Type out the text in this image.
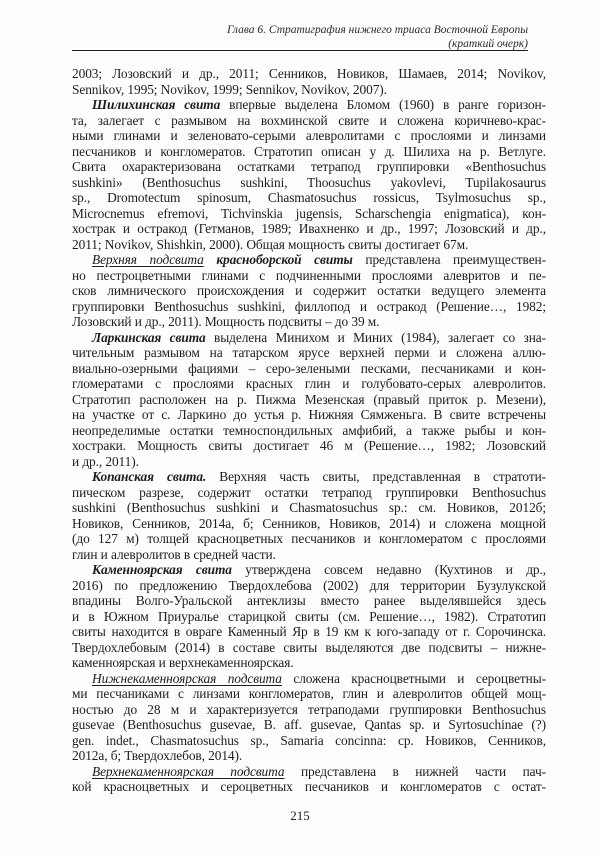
Глава 6. Стратиграфия нижнего триаса Восточной Европы
(краткий очерк)
2003; Лозовский и др., 2011; Сенников, Новиков, Шамаев, 2014; Novikov,
Sennikov, 1995; Novikov, 1999; Sennikov, Novikov, 2007).
Шилихинская свита впервые выделена Бломом (1960) в ранге горизон-
та, залегает с размывом на вохминской свите и сложена коричнево-крас-
ными глинами и зеленовато-серыми алевролитами с прослоями и линзами
песчаников и конгломератов. Стратотип описан у д. Шилиха на р. Ветлуге.
Свита охарактеризована остатками тетрапод группировки «Benthosuchus
sushkini» (Benthosuchus sushkini, Thoosuchus yakovlevi, Tupilakosaurus
sp., Dromotectum spinosum, Chasmatosuchus rossicus, Tsylmosuchus sp.,
Microcnemus efremovi, Tichvinskia jugensis, Scharschengia enigmatica), кон-
хострак и остракод (Гетманов, 1989; Ивахненко и др., 1997; Лозовский и др.,
2011; Novikov, Shishkin, 2000). Общая мощность свиты достигает 67м.
Верхняя подсвита красноборской свиты представлена преимуществен-
но пестроцветными глинами с подчиненными прослоями алевритов и пе-
сков лимнического происхождения и содержит остатки ведущего элемента
группировки Benthosuchus sushkini, филлопод и остракод (Решение…, 1982;
Лозовский и др., 2011). Мощность подсвиты – до 39 м.
Ларкинская свита выделена Минихом и Миних (1984), залегает со зна-
чительным размывом на татарском ярусе верхней перми и сложена аллю-
виально-озерными фациями – серо-зелеными песками, песчаниками и кон-
гломератами с прослоями красных глин и голубовато-серых алевролитов.
Стратотип расположен на р. Пижма Мезенская (правый приток р. Мезени),
на участке от с. Ларкино до устья р. Нижняя Сямженьга. В свите встречены
неопределимые остатки темноспондильных амфибий, а также рыбы и кон-
хостраки. Мощность свиты достигает 46 м (Решение…, 1982; Лозовский
и др., 2011).
Копанская свита. Верхняя часть свиты, представленная в стратоти-
пическом разрезе, содержит остатки тетрапод группировки Benthosuchus
sushkini (Benthosuchus sushkini и Chasmatosuchus sp.: см. Новиков, 2012б;
Новиков, Сенников, 2014а, б; Сенников, Новиков, 2014) и сложена мощной
(до 127 м) толщей красноцветных песчаников и конгломератом с прослоями
глин и алевролитов в средней части.
Каменноярская свита утверждена совсем недавно (Кухтинов и др.,
2016) по предложению Твердохлебова (2002) для территории Бузулукской
впадины Волго-Уральской антеклизы вместо ранее выделявшейся здесь
и в Южном Приуралье старицкой свиты (см. Решение…, 1982). Стратотип
свиты находится в овраге Каменный Яр в 19 км к юго-западу от г. Сорочинска.
Твердохлебовым (2014) в составе свиты выделяются две подсвиты – нижне-
каменноярская и верхнекаменноярская.
Нижнекаменноярская подсвита сложена красноцветными и сероцветны-
ми песчаниками с линзами конгломератов, глин и алевролитов общей мощ-
ностью до 28 м и характеризуется тетраподами группировки Benthosuchus
gusevae (Benthosuchus gusevae, B. aff. gusevae, Qantas sp. и Syrtosuchinae (?)
gen. indet., Chasmatosuchus sp., Samaria concinna: ср. Новиков, Сенников,
2012а, б; Твердохлебов, 2014).
Верхнекаменноярская подсвита представлена в нижней части пач-
кой красноцветных и сероцветных песчаников и конгломератов с остат-
215
